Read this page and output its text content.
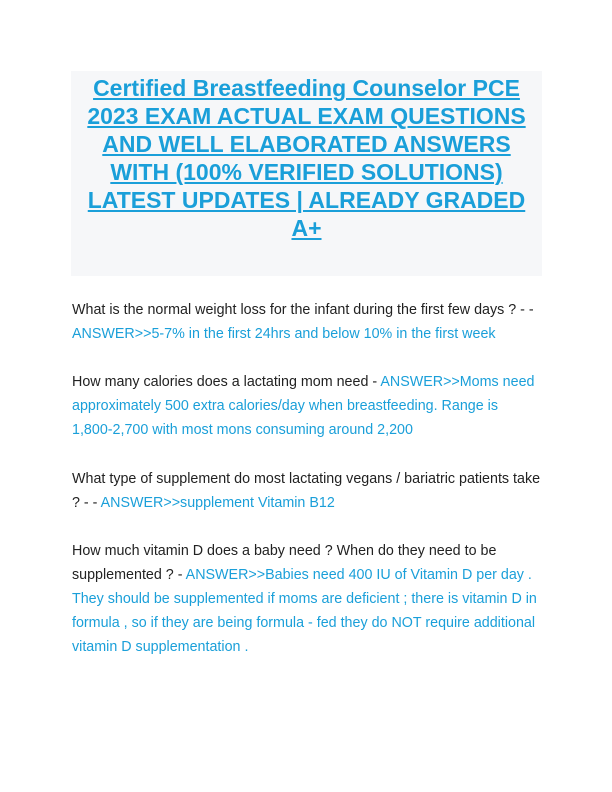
Certified Breastfeeding Counselor PCE 2023 EXAM ACTUAL EXAM QUESTIONS AND WELL ELABORATED ANSWERS WITH (100% VERIFIED SOLUTIONS) LATEST UPDATES | ALREADY GRADED A+

What is the normal weight loss for the infant during the first few days ? - - ANSWER>>5-7% in the first 24hrs and below 10% in the first week

How many calories does a lactating mom need - ANSWER>>Moms need approximately 500 extra calories/day when breastfeeding. Range is 1,800-2,700 with most mons consuming around 2,200

What type of supplement do most lactating vegans / bariatric patients take ? - - ANSWER>>supplement Vitamin B12

How much vitamin D does a baby need ? When do they need to be supplemented ? - ANSWER>>Babies need 400 IU of Vitamin D per day . They should be supplemented if moms are deficient ; there is vitamin D in formula , so if they are being formula - fed they do NOT require additional vitamin D supplementation .
